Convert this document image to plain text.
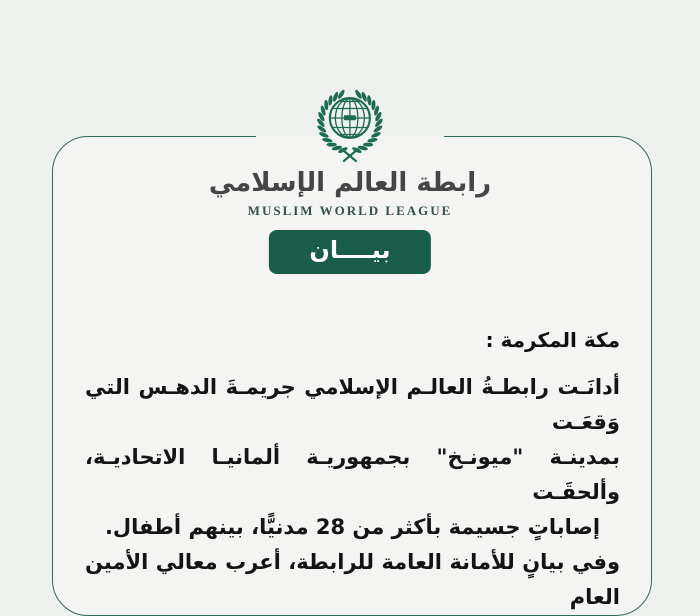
رابطة العالم الإسلامي
MUSLIM WORLD LEAGUE
بيــــان
مكة المكرمة :
أدانَـت رابطـةُ العالـم الإسلامي جريمـةَ الدهـس التي وَقعَـت
بمدينـة "ميونـخ" بجمهوريـة ألمانيـا الاتحاديـة، وألحقَـت
إصاباتٍ جسيمة بأكثر من 28 مدنيًّا، بينهم أطفال.
وفي بيانٍ للأمانة العامة للرابطة، أعرب معالي الأمين العام
